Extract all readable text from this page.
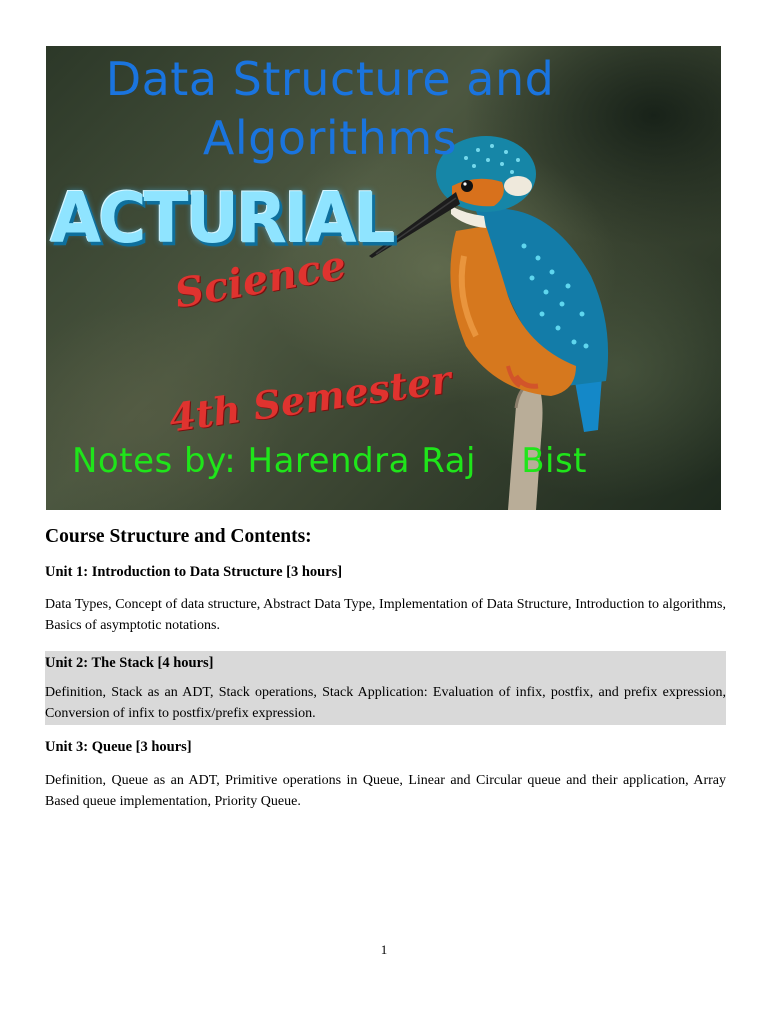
Data Structure and
Algorithms
ACTURIAL
Science
4th Semester
Notes by: Harendra Raj    Bist
Course Structure and Contents:
Unit 1: Introduction to Data Structure [3 hours]
Data Types, Concept of data structure, Abstract Data Type, Implementation of Data Structure, Introduction to algorithms, Basics of asymptotic notations.
Unit 2: The Stack [4 hours]
Definition, Stack as an ADT, Stack operations, Stack Application: Evaluation of infix, postfix, and prefix expression, Conversion of infix to postfix/prefix expression.
Unit 3: Queue [3 hours]
Definition, Queue as an ADT, Primitive operations in Queue, Linear and Circular queue and their application, Array Based queue implementation, Priority Queue.
1
